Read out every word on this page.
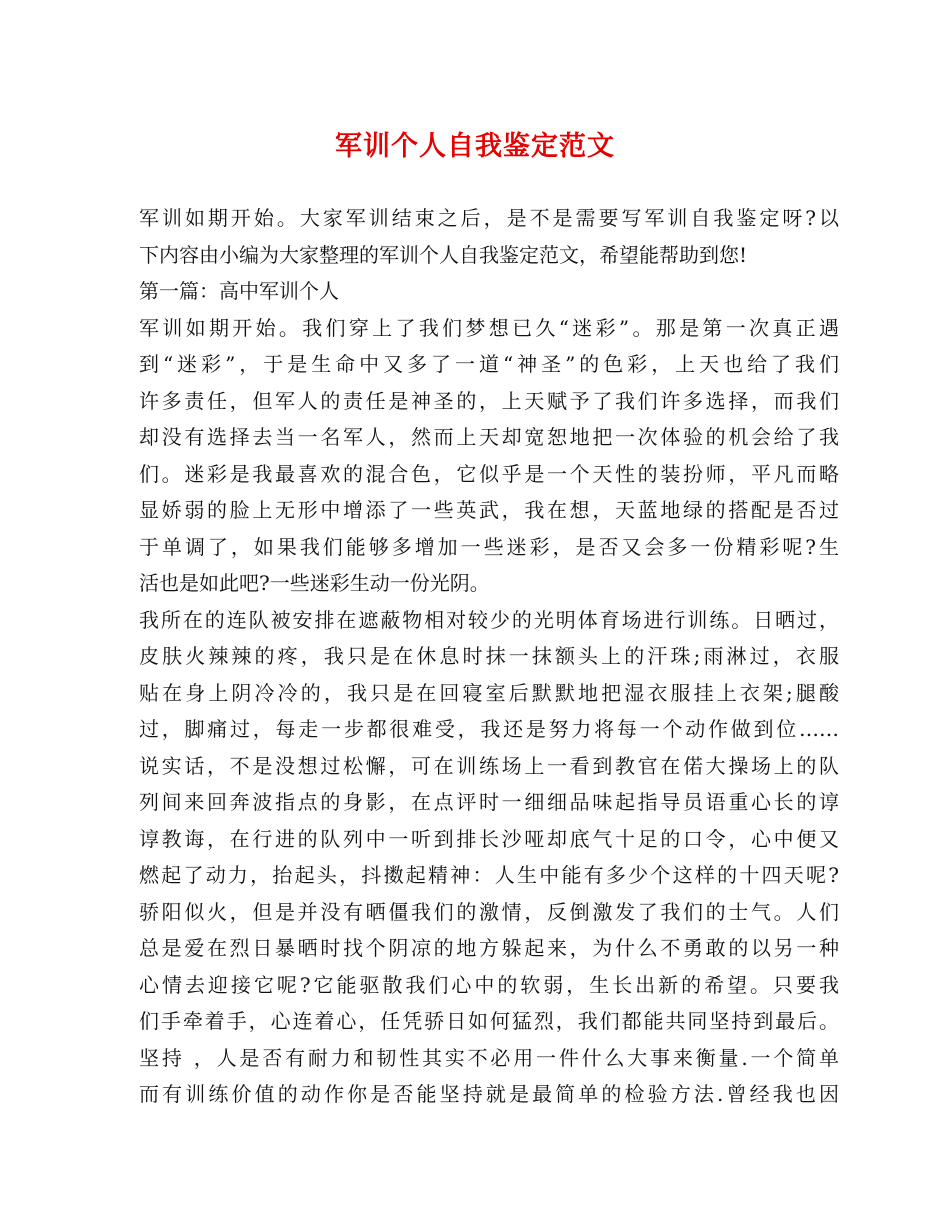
军训个人自我鉴定范文
军训如期开始。大家军训结束之后，是不是需要写军训自我鉴定呀?以
下内容由小编为大家整理的军训个人自我鉴定范文，希望能帮助到您!
第一篇：高中军训个人
军训如期开始。我们穿上了我们梦想已久“迷彩”。那是第一次真正遇
到“迷彩”，于是生命中又多了一道“神圣”的色彩，上天也给了我们
许多责任，但军人的责任是神圣的，上天赋予了我们许多选择，而我们
却没有选择去当一名军人，然而上天却宽恕地把一次体验的机会给了我
们。迷彩是我最喜欢的混合色，它似乎是一个天性的装扮师，平凡而略
显娇弱的脸上无形中增添了一些英武，我在想，天蓝地绿的搭配是否过
于单调了，如果我们能够多增加一些迷彩，是否又会多一份精彩呢?生
活也是如此吧?一些迷彩生动一份光阴。
我所在的连队被安排在遮蔽物相对较少的光明体育场进行训练。日晒过，
皮肤火辣辣的疼，我只是在休息时抹一抹额头上的汗珠;雨淋过，衣服
贴在身上阴冷冷的，我只是在回寝室后默默地把湿衣服挂上衣架;腿酸
过，脚痛过，每走一步都很难受，我还是努力将每一个动作做到位……
说实话，不是没想过松懈，可在训练场上一看到教官在偌大操场上的队
列间来回奔波指点的身影，在点评时一细细品味起指导员语重心长的谆
谆教诲，在行进的队列中一听到排长沙哑却底气十足的口令，心中便又
燃起了动力，抬起头，抖擞起精神：人生中能有多少个这样的十四天呢?
骄阳似火，但是并没有晒僵我们的激情，反倒激发了我们的士气。人们
总是爱在烈日暴晒时找个阴凉的地方躲起来，为什么不勇敢的以另一种
心情去迎接它呢?它能驱散我们心中的软弱，生长出新的希望。只要我
们手牵着手，心连着心，任凭骄日如何猛烈，我们都能共同坚持到最后。
坚持 ，人是否有耐力和韧性其实不必用一件什么大事来衡量.一个简单
而有训练价值的动作你是否能坚持就是最简单的检验方法.曾经我也因
